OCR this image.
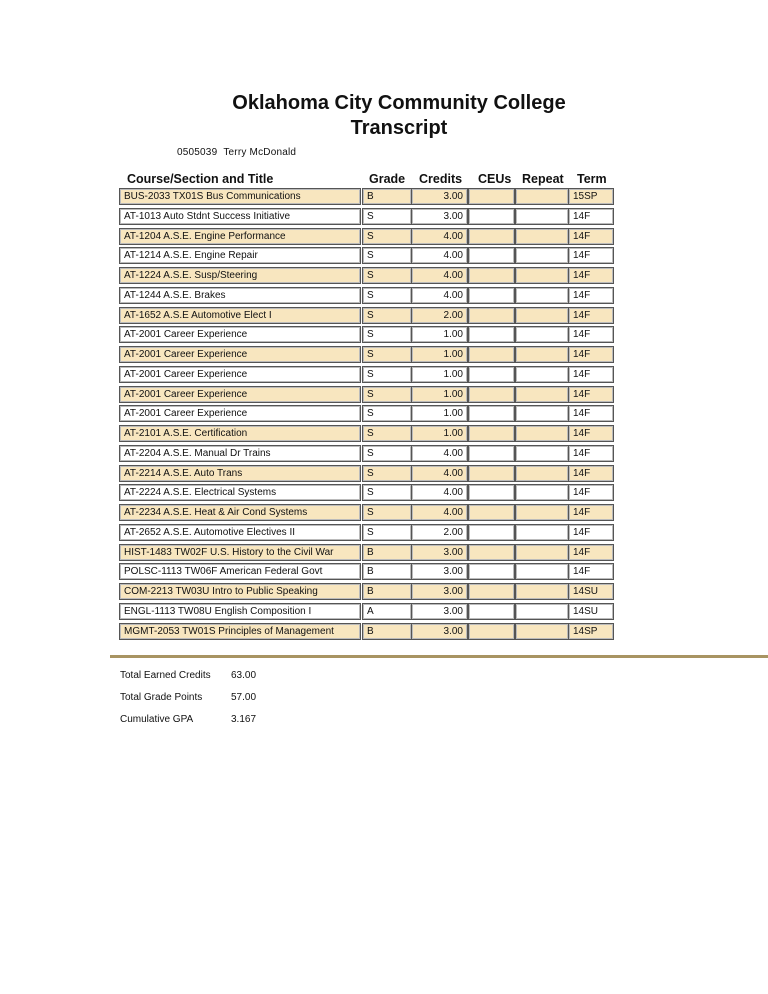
Oklahoma City Community College
Transcript
0505039 Terry McDonald
Course/Section and Title	Grade Credits CEUs Repeat Term
BUS-2033 TX01S Bus Communications	B	3.00	15SP
AT-1013 Auto Stdnt Success Initiative	S	3.00	14F
AT-1204 A.S.E. Engine Performance	S	4.00	14F
AT-1214 A.S.E. Engine Repair	S	4.00	14F
AT-1224 A.S.E. Susp/Steering	S	4.00	14F
AT-1244 A.S.E. Brakes	S	4.00	14F
AT-1652 A.S.E Automotive Elect I	S	2.00	14F
AT-2001 Career Experience	S	1.00	14F
AT-2001 Career Experience	S	1.00	14F
AT-2001 Career Experience	S	1.00	14F
AT-2001 Career Experience	S	1.00	14F
AT-2001 Career Experience	S	1.00	14F
AT-2101 A.S.E. Certification	S	1.00	14F
AT-2204 A.S.E. Manual Dr Trains	S	4.00	14F
AT-2214 A.S.E. Auto Trans	S	4.00	14F
AT-2224 A.S.E. Electrical Systems	S	4.00	14F
AT-2234 A.S.E. Heat & Air Cond Systems	S	4.00	14F
AT-2652 A.S.E. Automotive Electives II	S	2.00	14F
HIST-1483 TW02F U.S. History to the Civil War	B	3.00	14F
POLSC-1113 TW06F American Federal Govt	B	3.00	14F
COM-2213 TW03U Intro to Public Speaking	B	3.00	14SU
ENGL-1113 TW08U English Composition I	A	3.00	14SU
MGMT-2053 TW01S Principles of Management	B	3.00	14SP
Total Earned Credits 63.00
Total Grade Points	57.00
Cumulative GPA	3.167
